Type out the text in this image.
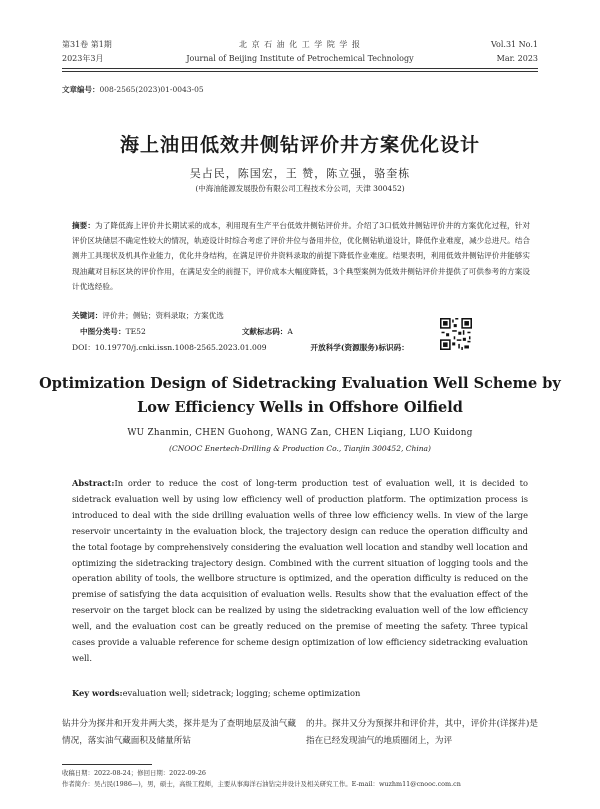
第31卷 第1期
2023年3月
北 京 石 油 化 工 学 院 学 报
Journal of Beijing Institute of Petrochemical Technology
Vol.31 No.1
Mar. 2023
文章编号：008-2565(2023)01-0043-05
海上油田低效井侧钻评价井方案优化设计
吴占民，陈国宏，王 赞，陈立强，骆奎栋
(中海油能源发展股份有限公司工程技术分公司，天津 300452)
摘要：为了降低海上评价井长期试采的成本，利用现有生产平台低效井侧钻评价井。介绍了3口低效井侧钻评价井的方案优化过程，针对评价区块储层不确定性较大的情况，轨迹设计时综合考虑了评价井位与备用井位，优化侧钻轨道设计，降低作业难度，减少总进尺。结合测井工具现状及机具作业能力，优化井身结构，在满足评价井资料录取的前提下降低作业难度。结果表明，利用低效井侧钻评价井能够实现油藏对目标区块的评价作用，在满足安全的前提下，评价成本大幅度降低，3个典型案例为低效井侧钻评价井提供了可供参考的方案设计优选经验。
关键词：评价井；侧钻；资料录取；方案优选
中图分类号：TE52	文献标志码：A
DOI：10.19770/j.cnki.issn.1008-2565.2023.01.009	开放科学(资源服务)标识码：
Optimization Design of Sidetracking Evaluation Well Scheme by
Low Efficiency Wells in Offshore Oilfield
WU Zhanmin, CHEN Guohong, WANG Zan, CHEN Liqiang, LUO Kuidong
(CNOOC Enertech-Drilling & Production Co., Tianjin 300452, China)
Abstract:In order to reduce the cost of long-term production test of evaluation well, it is decided to sidetrack evaluation well by using low efficiency well of production platform. The optimization process is introduced to deal with the side drilling evaluation wells of three low efficiency wells. In view of the large reservoir uncertainty in the evaluation block, the trajectory design can reduce the operation difficulty and the total footage by comprehensively considering the evaluation well location and standby well location and optimizing the sidetracking trajectory design. Combined with the current situation of logging tools and the operation ability of tools, the wellbore structure is optimized, and the operation difficulty is reduced on the premise of satisfying the data acquisition of evaluation wells. Results show that the evaluation effect of the reservoir on the target block can be realized by using the sidetracking evaluation well of the low efficiency well, and the evaluation cost can be greatly reduced on the premise of meeting the safety. Three typical cases provide a valuable reference for scheme design optimization of low efficiency sidetracking evaluation well.
Key words:evaluation well; sidetrack; logging; scheme optimization
钻井分为探井和开发井两大类，探井是为了查明地层及油气藏情况，落实油气藏面积及储量所钻
的井。探井又分为预探井和评价井，其中，评价井(详探井)是指在已经发现油气的地质圈闭上，为评
收稿日期：2022-08-24；修回日期：2022-09-26
作者简介：吴占民(1986—)，男，硕士，高级工程师，主要从事海洋石油钻完井设计及相关研究工作。E-mail：wuzhm11@cnooc.com.cn
